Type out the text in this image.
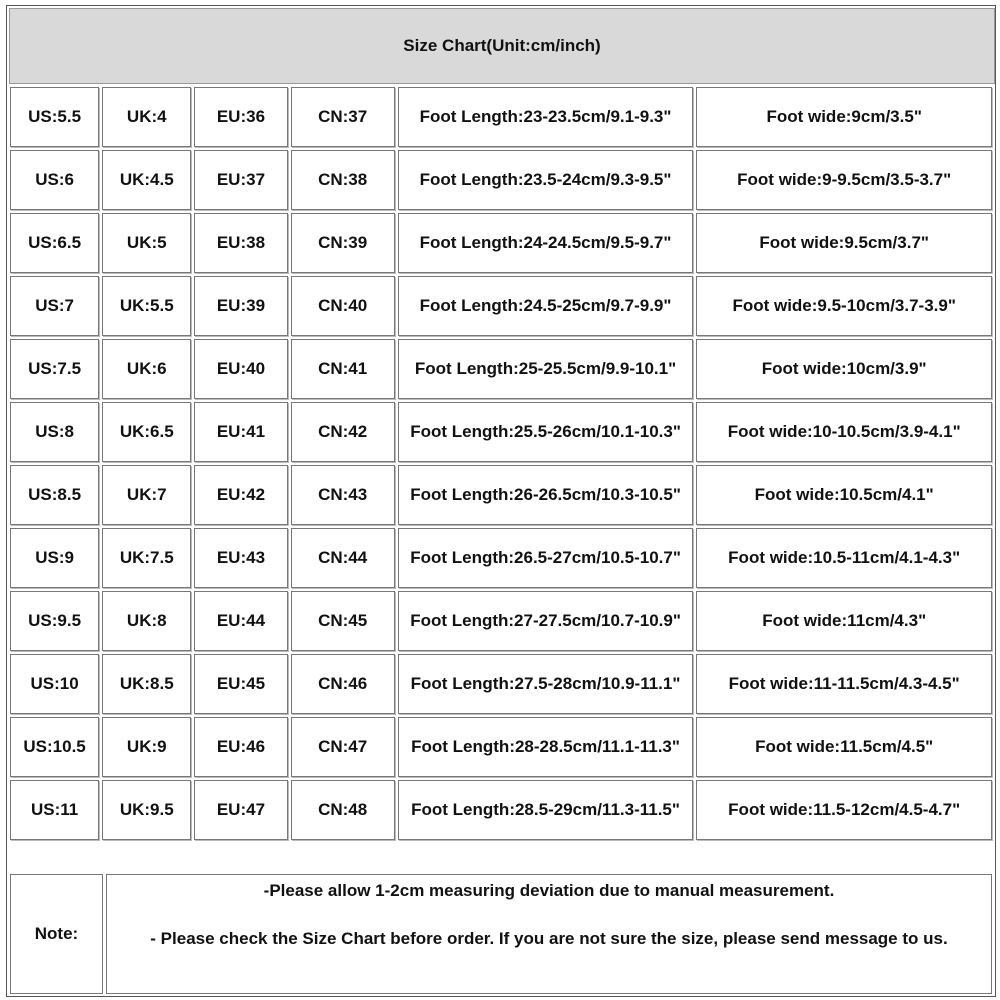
Size Chart(Unit:cm/inch)
US:5.5	UK:4	EU:36	CN:37	Foot Length:23-23.5cm/9.1-9.3"	Foot wide:9cm/3.5"
US:6	UK:4.5	EU:37	CN:38	Foot Length:23.5-24cm/9.3-9.5"	Foot wide:9-9.5cm/3.5-3.7"
US:6.5	UK:5	EU:38	CN:39	Foot Length:24-24.5cm/9.5-9.7"	Foot wide:9.5cm/3.7"
US:7	UK:5.5	EU:39	CN:40	Foot Length:24.5-25cm/9.7-9.9"	Foot wide:9.5-10cm/3.7-3.9"
US:7.5	UK:6	EU:40	CN:41	Foot Length:25-25.5cm/9.9-10.1"	Foot wide:10cm/3.9"
US:8	UK:6.5	EU:41	CN:42	Foot Length:25.5-26cm/10.1-10.3"	Foot wide:10-10.5cm/3.9-4.1"
US:8.5	UK:7	EU:42	CN:43	Foot Length:26-26.5cm/10.3-10.5"	Foot wide:10.5cm/4.1"
US:9	UK:7.5	EU:43	CN:44	Foot Length:26.5-27cm/10.5-10.7"	Foot wide:10.5-11cm/4.1-4.3"
US:9.5	UK:8	EU:44	CN:45	Foot Length:27-27.5cm/10.7-10.9"	Foot wide:11cm/4.3"
US:10	UK:8.5	EU:45	CN:46	Foot Length:27.5-28cm/10.9-11.1"	Foot wide:11-11.5cm/4.3-4.5"
US:10.5	UK:9	EU:46	CN:47	Foot Length:28-28.5cm/11.1-11.3"	Foot wide:11.5cm/4.5"
US:11	UK:9.5	EU:47	CN:48	Foot Length:28.5-29cm/11.3-11.5"	Foot wide:11.5-12cm/4.5-4.7"
Note:
-Please allow 1-2cm measuring deviation due to manual measurement.
- Please check the Size Chart before order. If you are not sure the size, please send message to us.
